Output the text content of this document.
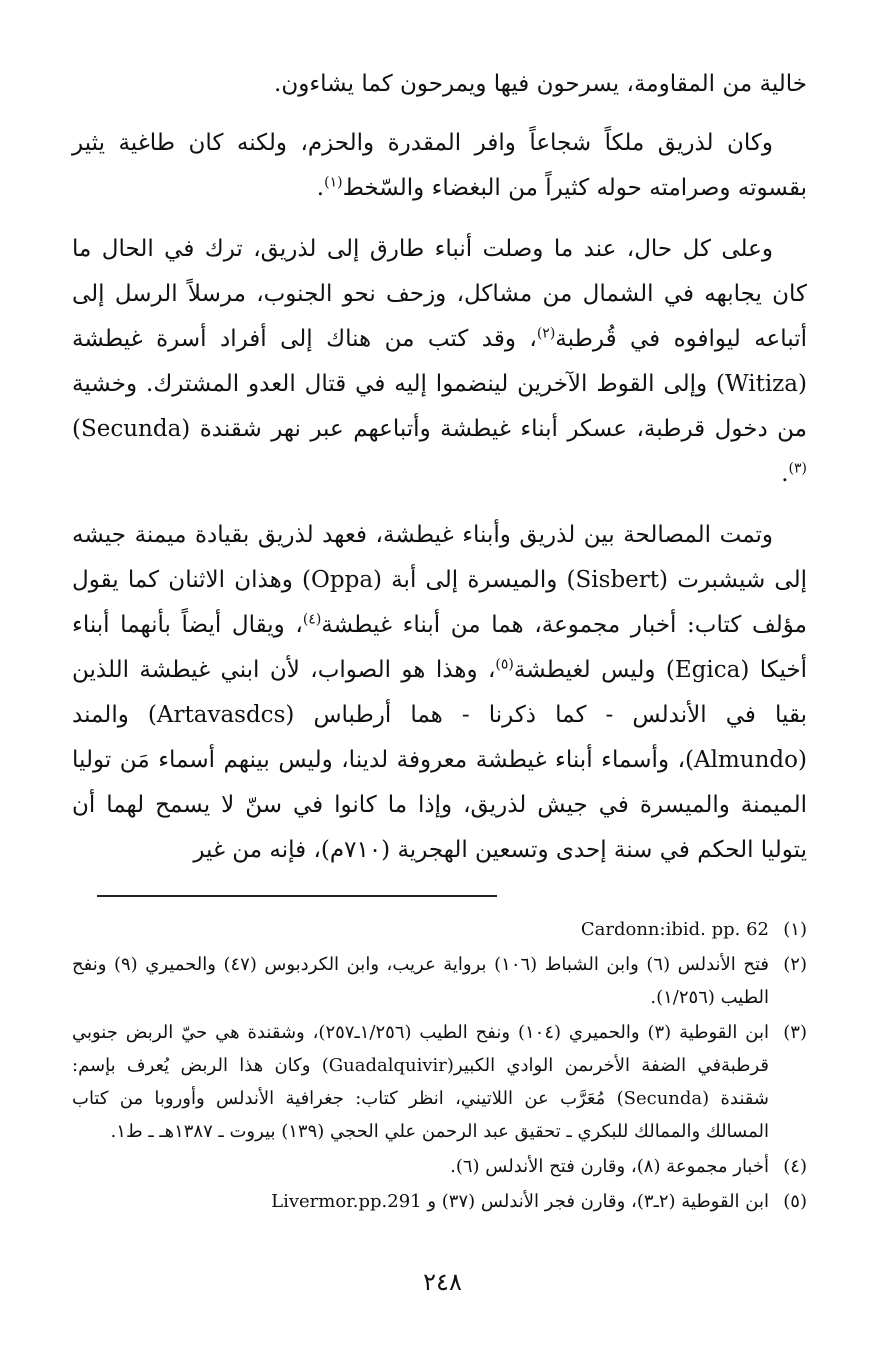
خالية من المقاومة، يسرحون فيها ويمرحون كما يشاءون.

وكان لذريق ملكاً شجاعاً وافر المقدرة والحزم، ولكنه كان طاغية يثير بقسوته وصرامته حوله كثيراً من البغضاء والسّخط$^{(١)}$.

وعلى كل حال، عند ما وصلت أنباء طارق إلى لذريق، ترك في الحال ما كان يجابهه في الشمال من مشاكل، وزحف نحو الجنوب، مرسلاً الرسل إلى أتباعه ليوافوه في قُرطبة$^{(٢)}$، وقد كتب من هناك إلى أفراد أسرة غيطشة (Witiza) وإلى القوط الآخرين لينضموا إليه في قتال العدو المشترك. وخشية من دخول قرطبة، عسكر أبناء غيطشة وأتباعهم عبر نهر شقندة (Secunda)$^{(٣)}$.

وتمت المصالحة بين لذريق وأبناء غيطشة، فعهد لذريق بقيادة ميمنة جيشه إلى شيشبرت (Sisbert) والميسرة إلى أبة (Oppa) وهذان الاثنان كما يقول مؤلف كتاب: أخبار مجموعة، هما من أبناء غيطشة$^{(٤)}$، ويقال أيضاً بأنهما أبناء أخيكا (Egica) وليس لغيطشة$^{(٥)}$، وهذا هو الصواب، لأن ابني غيطشة اللذين بقيا في الأندلس - كما ذكرنا - هما أرطباس (Artavasdcs) والمند (Almundo)، وأسماء أبناء غيطشة معروفة لدينا، وليس بينهم أسماء مَن توليا الميمنة والميسرة في جيش لذريق، وإذا ما كانوا في سنّ لا يسمح لهما أن يتوليا الحكم في سنة إحدى وتسعين الهجرية (٧١٠م)، فإنه من غير

(١)
Cardonn:ibid. pp. 62
(٢)
فتح الأندلس (٦) وابن الشباط (١٠٦) برواية عريب، وابن الكردبوس (٤٧) والحميري (٩) ونفح الطيب (١/٢٥٦).
(٣)
ابن القوطية (٣) والحميري (١٠٤) ونفح الطيب (١/٢٥٦ـ٢٥٧)، وشقندة هي حيّ الربض جنوبي قرطبةفي الضفة الأخرىمن الوادي الكبير(Guadalquivir) وكان هذا الربض يُعرف بإسم: شقندة (Secunda) مُعَرَّب عن اللاتيني، انظر كتاب: جغرافية الأندلس وأوروبا من كتاب المسالك والممالك للبكري ـ تحقيق عبد الرحمن علي الحجي (١٣٩) بيروت ـ ١٣٨٧هـ ـ ط١.
(٤)
أخبار مجموعة (٨)، وقارن فتح الأندلس (٦).
(٥)
ابن القوطية (٢ـ٣)، وقارن فجر الأندلس (٣٧) و Livermor.pp.291
٢٤٨
